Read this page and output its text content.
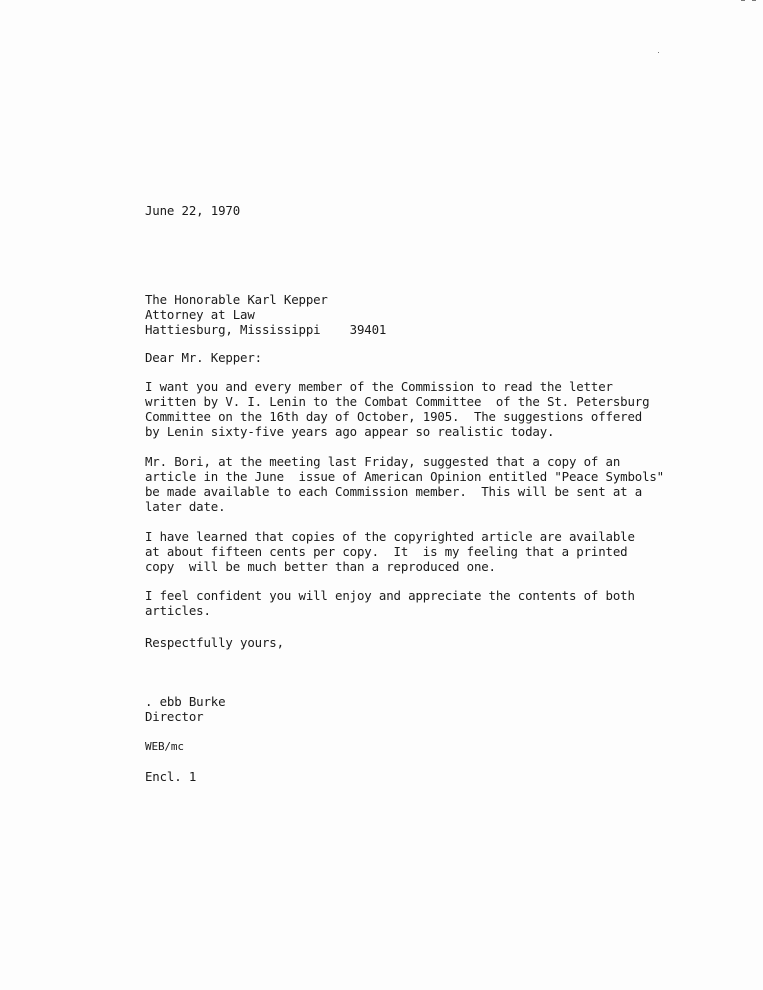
June 22, 1970
The Honorable Karl Kepper
Attorney at Law
Hattiesburg, Mississippi    39401
Dear Mr. Kepper:
I want you and every member of the Commission to read the letter
written by V. I. Lenin to the Combat Committee  of the St. Petersburg
Committee on the 16th day of October, 1905.  The suggestions offered
by Lenin sixty-five years ago appear so realistic today.
Mr. Bori, at the meeting last Friday, suggested that a copy of an
article in the June  issue of American Opinion entitled "Peace Symbols"
be made available to each Commission member.  This will be sent at a
later date.
I have learned that copies of the copyrighted article are available
at about fifteen cents per copy.  It  is my feeling that a printed
copy  will be much better than a reproduced one.
I feel confident you will enjoy and appreciate the contents of both
articles.
Respectfully yours,
. ebb Burke
Director
WEB/mc
Encl. 1
